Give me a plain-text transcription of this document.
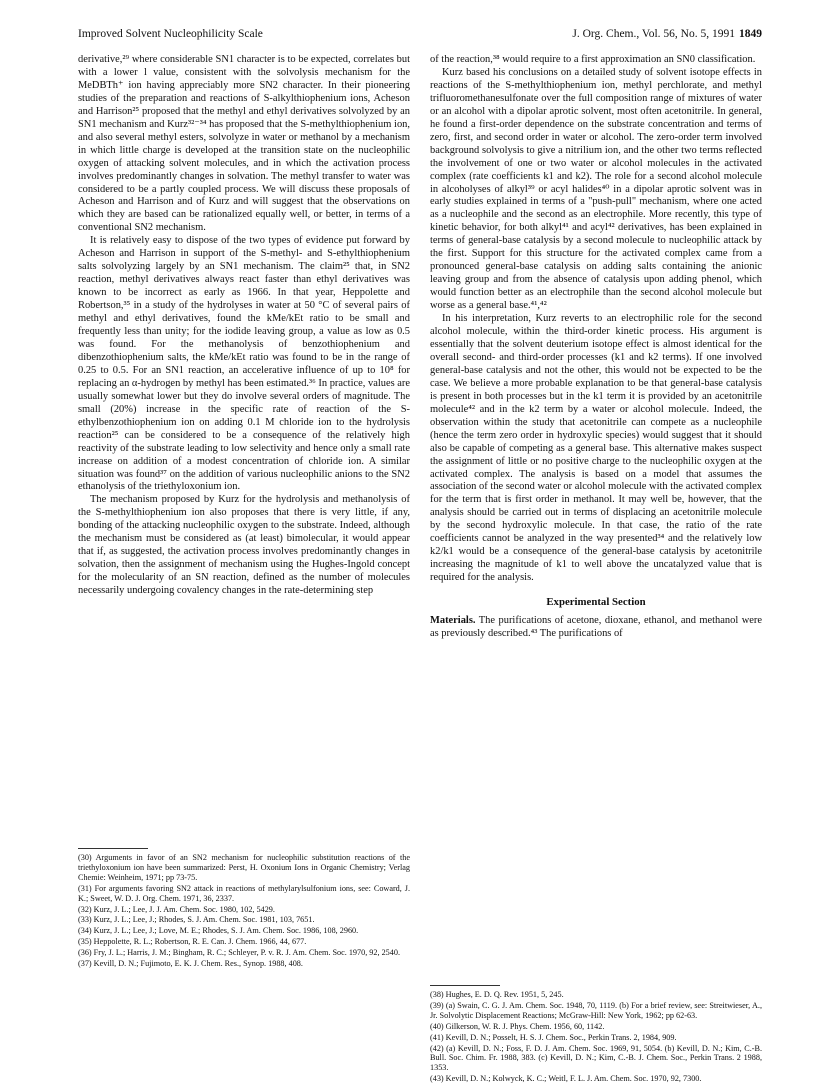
Improved Solvent Nucleophilicity Scale	J. Org. Chem., Vol. 56, No. 5, 1991 1849

derivative,²⁹ where considerable SN1 character is to be expected, correlates but with a lower l value, consistent with the solvolysis mechanism for the MeDBTh⁺ ion having appreciably more SN2 character. In their pioneering studies of the preparation and reactions of S-alkylthiophenium ions, Acheson and Harrison²⁵ proposed that the methyl and ethyl derivatives solvolyzed by an SN1 mechanism and Kurz³²⁻³⁴ has proposed that the S-methylthiophenium ion, and also several methyl esters, solvolyze in water or methanol by a mechanism in which little charge is developed at the transition state on the nucleophilic oxygen of attacking solvent molecules, and in which the activation process involves predominantly changes in solvation. The methyl transfer to water was considered to be a partly coupled process. We will discuss these proposals of Acheson and Harrison and of Kurz and will suggest that the observations on which they are based can be rationalized equally well, or better, in terms of a conventional SN2 mechanism.

It is relatively easy to dispose of the two types of evidence put forward by Acheson and Harrison in support of the S-methyl- and S-ethylthiophenium salts solvolyzing largely by an SN1 mechanism. The claim²⁵ that, in SN2 reaction, methyl derivatives always react faster than ethyl derivatives was known to be incorrect as early as 1966. In that year, Heppolette and Robertson,³⁵ in a study of the hydrolyses in water at 50 °C of several pairs of methyl and ethyl derivatives, found the kMe/kEt ratio to be small and frequently less than unity; for the iodide leaving group, a value as low as 0.5 was found. For the methanolysis of benzothiophenium and dibenzothiophenium salts, the kMe/kEt ratio was found to be in the range of 0.25 to 0.5. For an SN1 reaction, an accelerative influence of up to 10⁸ for replacing an α-hydrogen by methyl has been estimated.³⁶ In practice, values are usually somewhat lower but they do involve several orders of magnitude. The small (20%) increase in the specific rate of reaction of the S-ethylbenzothiophenium ion on adding 0.1 M chloride ion to the hydrolysis reaction²⁵ can be considered to be a consequence of the relatively high reactivity of the substrate leading to low selectivity and hence only a small rate increase on addition of a modest concentration of chloride ion. A similar situation was found³⁷ on the addition of various nucleophilic anions to the SN2 ethanolysis of the triethyloxonium ion.

The mechanism proposed by Kurz for the hydrolysis and methanolysis of the S-methylthiophenium ion also proposes that there is very little, if any, bonding of the attacking nucleophilic oxygen to the substrate. Indeed, although the mechanism must be considered as (at least) bimolecular, it would appear that if, as suggested, the activation process involves predominantly changes in solvation, then the assignment of mechanism using the Hughes-Ingold concept for the molecularity of an SN reaction, defined as the number of molecules necessarily undergoing covalency changes in the rate-determining step

of the reaction,³⁸ would require to a first approximation an SN0 classification.

Kurz based his conclusions on a detailed study of solvent isotope effects in reactions of the S-methylthiophenium ion, methyl perchlorate, and methyl trifluoromethanesulfonate over the full composition range of mixtures of water or an alcohol with a dipolar aprotic solvent, most often acetonitrile. In general, he found a first-order dependence on the substrate concentration and terms of zero, first, and second order in water or alcohol. The zero-order term involved background solvolysis to give a nitrilium ion, and the other two terms reflected the involvement of one or two water or alcohol molecules in the activated complex (rate coefficients k1 and k2). The role for a second alcohol molecule in alcoholyses of alkyl³⁹ or acyl halides⁴⁰ in a dipolar aprotic solvent was in early studies explained in terms of a "push-pull" mechanism, where one acted as a nucleophile and the second as an electrophile. More recently, this type of kinetic behavior, for both alkyl⁴¹ and acyl⁴² derivatives, has been explained in terms of general-base catalysis by a second molecule to nucleophilic attack by the first. Support for this structure for the activated complex came from a pronounced general-base catalysis on adding salts containing the anionic leaving group and from the absence of catalysis upon adding phenol, which would function better as an electrophile than the second alcohol molecule but worse as a general base.⁴¹,⁴²

In his interpretation, Kurz reverts to an electrophilic role for the second alcohol molecule, within the third-order kinetic process. His argument is essentially that the solvent deuterium isotope effect is almost identical for the overall second- and third-order processes (k1 and k2 terms). If one involved general-base catalysis and not the other, this would not be expected to be the case. We believe a more probable explanation to be that general-base catalysis is present in both processes but in the k1 term it is provided by an acetonitrile molecule⁴² and in the k2 term by a water or alcohol molecule. Indeed, the observation within the study that acetonitrile can compete as a nucleophile (hence the term zero order in hydroxylic species) would suggest that it should also be capable of competing as a general base. This alternative makes suspect the assignment of little or no positive charge to the nucleophilic oxygen at the activated complex. The analysis is based on a model that assumes the association of the second water or alcohol molecule with the activated complex for the term that is first order in methanol. It may well be, however, that the analysis should be carried out in terms of displacing an acetonitrile molecule by the second hydroxylic molecule. In that case, the ratio of the rate coefficients cannot be analyzed in the way presented³⁴ and the relatively low k2/k1 would be a consequence of the general-base catalysis by acetonitrile increasing the magnitude of k1 to well above the uncatalyzed value that is required for the analysis.

Experimental Section

Materials. The purifications of acetone, dioxane, ethanol, and methanol were as previously described.⁴³ The purifications of

(30) Arguments in favor of an SN2 mechanism for nucleophilic substitution reactions of the triethyloxonium ion have been summarized: Perst, H. Oxonium Ions in Organic Chemistry; Verlag Chemie: Weinheim, 1971; pp 73-75.
(31) For arguments favoring SN2 attack in reactions of methylarylsulfonium ions, see: Coward, J. K.; Sweet, W. D. J. Org. Chem. 1971, 36, 2337.
(32) Kurz, J. L.; Lee, J. J. Am. Chem. Soc. 1980, 102, 5429.
(33) Kurz, J. L.; Lee, J.; Rhodes, S. J. Am. Chem. Soc. 1981, 103, 7651.
(34) Kurz, J. L.; Lee, J.; Love, M. E.; Rhodes, S. J. Am. Chem. Soc. 1986, 108, 2960.
(35) Heppolette, R. L.; Robertson, R. E. Can. J. Chem. 1966, 44, 677.
(36) Fry, J. L.; Harris, J. M.; Bingham, R. C.; Schleyer, P. v. R. J. Am. Chem. Soc. 1970, 92, 2540.
(37) Kevill, D. N.; Fujimoto, E. K. J. Chem. Res., Synop. 1988, 408.
(38) Hughes, E. D. Q. Rev. 1951, 5, 245.
(39) (a) Swain, C. G. J. Am. Chem. Soc. 1948, 70, 1119. (b) For a brief review, see: Streitwieser, A., Jr. Solvolytic Displacement Reactions; McGraw-Hill: New York, 1962; pp 62-63.
(40) Gilkerson, W. R. J. Phys. Chem. 1956, 60, 1142.
(41) Kevill, D. N.; Posselt, H. S. J. Chem. Soc., Perkin Trans. 2, 1984, 909.
(42) (a) Kevill, D. N.; Foss, F. D. J. Am. Chem. Soc. 1969, 91, 5054. (b) Kevill, D. N.; Kim, C.-B. Bull. Soc. Chim. Fr. 1988, 383. (c) Kevill, D. N.; Kim, C.-B. J. Chem. Soc., Perkin Trans. 2 1988, 1353.
(43) Kevill, D. N.; Kolwyck, K. C.; Weitl, F. L. J. Am. Chem. Soc. 1970, 92, 7300.
